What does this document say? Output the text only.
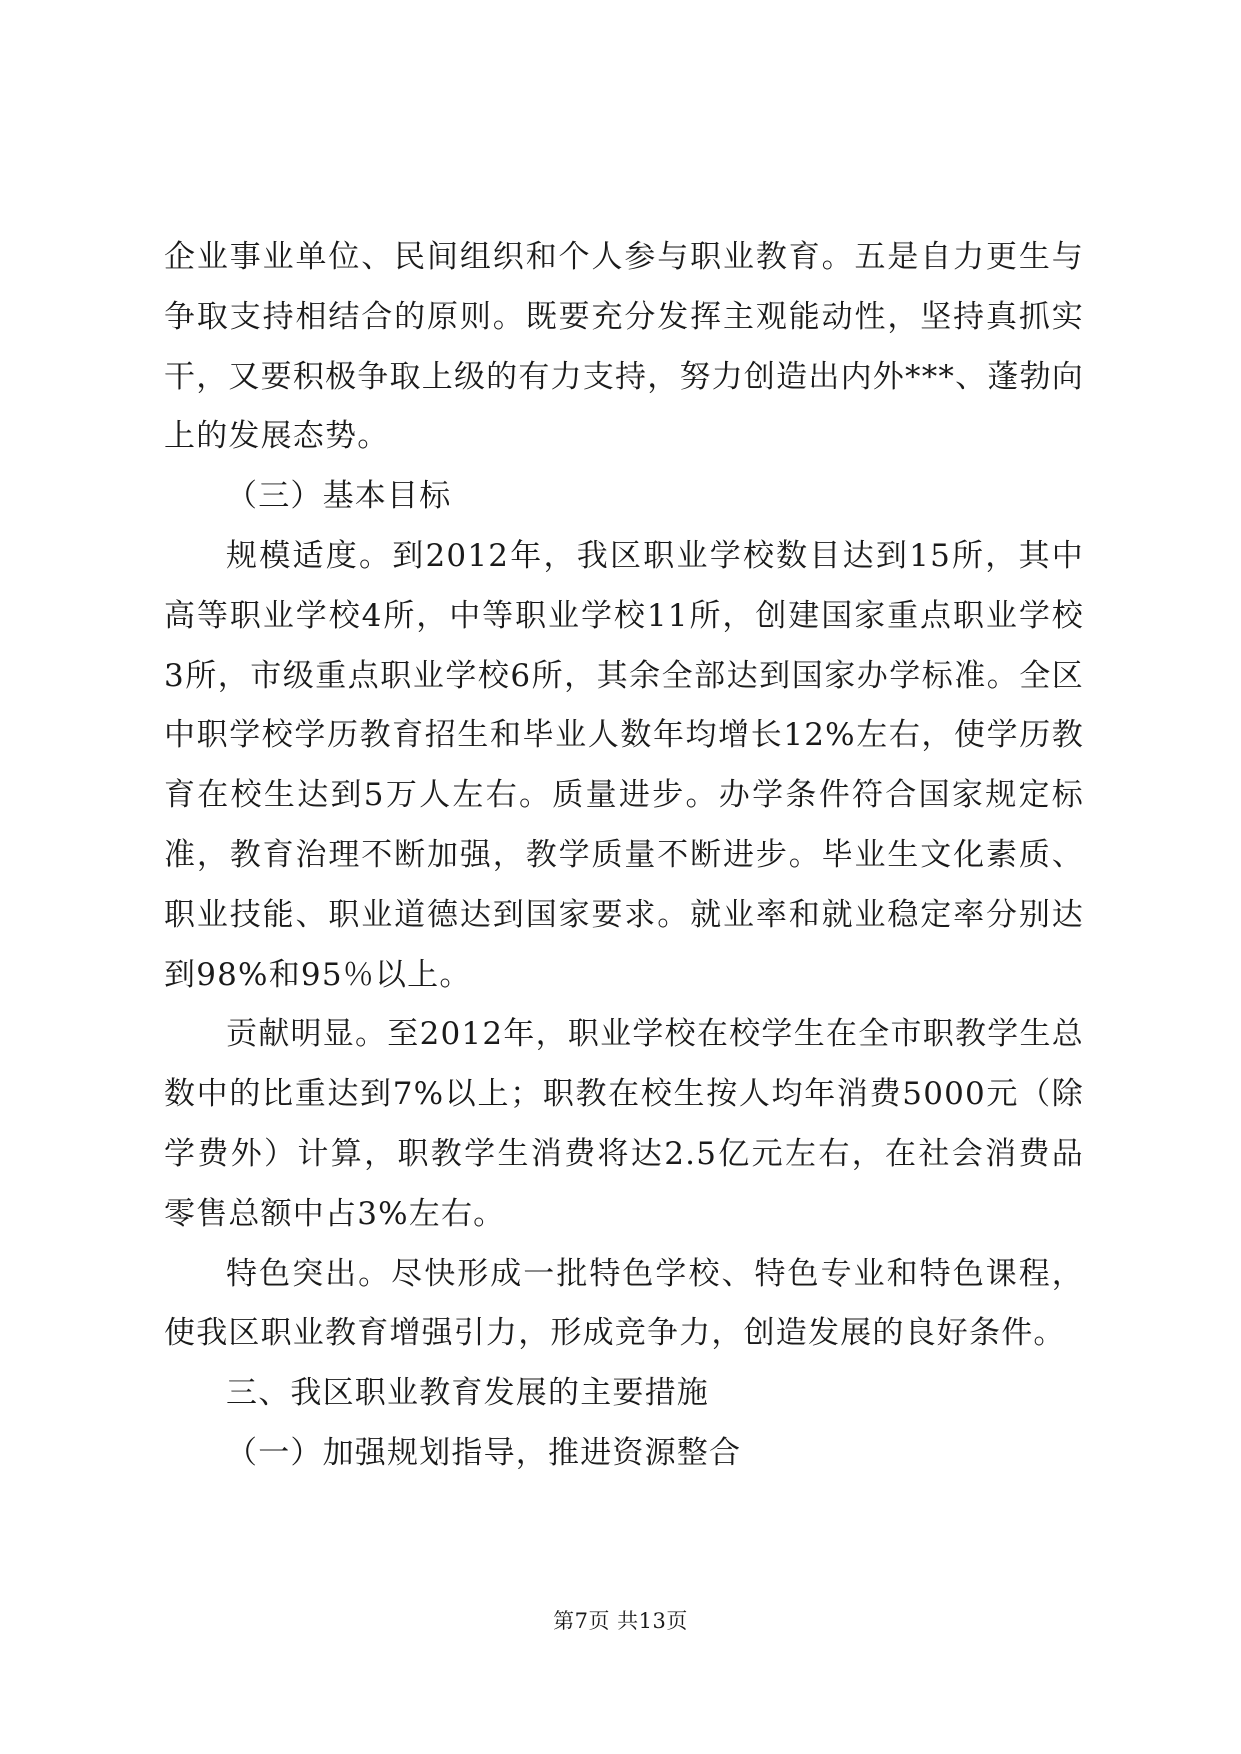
企业事业单位、民间组织和个人参与职业教育。五是自力更生与争取支持相结合的原则。既要充分发挥主观能动性，坚持真抓实干，又要积极争取上级的有力支持，努力创造出内外***、蓬勃向上的发展态势。

（三）基本目标

规模适度。到2012年，我区职业学校数目达到15所，其中高等职业学校4所，中等职业学校11所，创建国家重点职业学校3所，市级重点职业学校6所，其余全部达到国家办学标准。全区中职学校学历教育招生和毕业人数年均增长12%左右，使学历教育在校生达到5万人左右。质量进步。办学条件符合国家规定标准，教育治理不断加强，教学质量不断进步。毕业生文化素质、职业技能、职业道德达到国家要求。就业率和就业稳定率分别达到98%和95％以上。

贡献明显。至2012年，职业学校在校学生在全市职教学生总数中的比重达到7%以上；职教在校生按人均年消费5000元（除学费外）计算，职教学生消费将达2.5亿元左右，在社会消费品零售总额中占3%左右。

特色突出。尽快形成一批特色学校、特色专业和特色课程，使我区职业教育增强引力，形成竞争力，创造发展的良好条件。

三、我区职业教育发展的主要措施

（一）加强规划指导，推进资源整合

第7页 共13页
